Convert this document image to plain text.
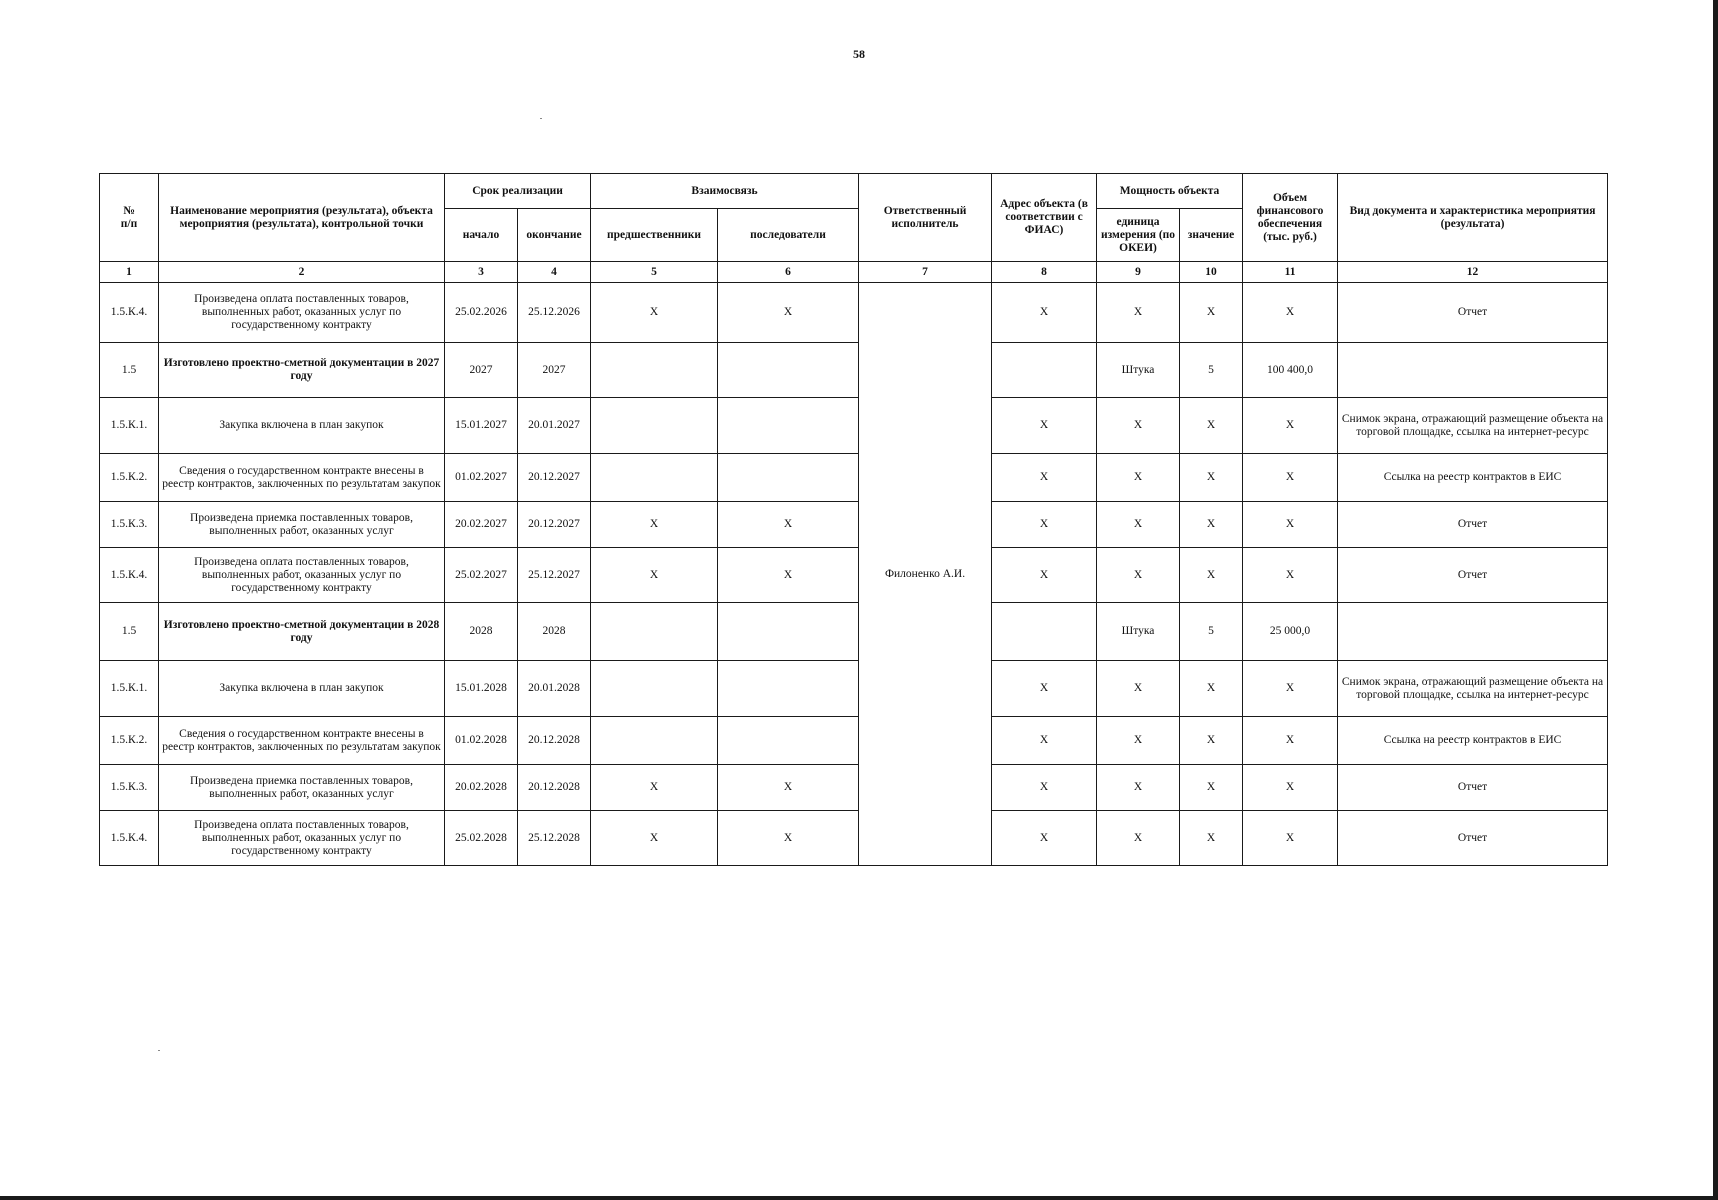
58
№
п/п	Наименование мероприятия (результата), объекта мероприятия (результата), контрольной точки	Срок реализации		Взаимосвязь		Ответственный исполнитель	Адрес объекта (в соответствии с ФИАС)	Мощность объекта		Объем финансового обеспечения (тыс. руб.)	Вид документа и характеристика мероприятия (результата)
		начало	окончание	предшественники	последователи			единица измерения (по ОКЕИ)	значение		
1	2	3	4	5	6	7	8	9	10	11	12
1.5.К.4.	Произведена оплата поставленных товаров, выполненных работ, оказанных услуг по государственному контракту	25.02.2026	25.12.2026	X	X	Филоненко А.И.	X	X	X	X	Отчет
1.5	Изготовлено проектно-сметной документации в 2027 году	2027	2027					Штука	5	100 400,0	
1.5.К.1.	Закупка включена в план закупок	15.01.2027	20.01.2027				X	X	X	X	Снимок экрана, отражающий размещение объекта на торговой площадке, ссылка на интернет-ресурс
1.5.К.2.	Сведения о государственном контракте внесены в реестр контрактов, заключенных по результатам закупок	01.02.2027	20.12.2027				X	X	X	X	Ссылка на реестр контрактов в ЕИС
1.5.К.3.	Произведена приемка поставленных товаров, выполненных работ, оказанных услуг	20.02.2027	20.12.2027	X	X		X	X	X	X	Отчет
1.5.К.4.	Произведена оплата поставленных товаров, выполненных работ, оказанных услуг по государственному контракту	25.02.2027	25.12.2027	X	X		X	X	X	X	Отчет
1.5	Изготовлено проектно-сметной документации в 2028 году	2028	2028					Штука	5	25 000,0	
1.5.К.1.	Закупка включена в план закупок	15.01.2028	20.01.2028				X	X	X	X	Снимок экрана, отражающий размещение объекта на торговой площадке, ссылка на интернет-ресурс
1.5.К.2.	Сведения о государственном контракте внесены в реестр контрактов, заключенных по результатам закупок	01.02.2028	20.12.2028				X	X	X	X	Ссылка на реестр контрактов в ЕИС
1.5.К.3.	Произведена приемка поставленных товаров, выполненных работ, оказанных услуг	20.02.2028	20.12.2028	X	X		X	X	X	X	Отчет
1.5.К.4.	Произведена оплата поставленных товаров, выполненных работ, оказанных услуг по государственному контракту	25.02.2028	25.12.2028	X	X		X	X	X	X	Отчет
